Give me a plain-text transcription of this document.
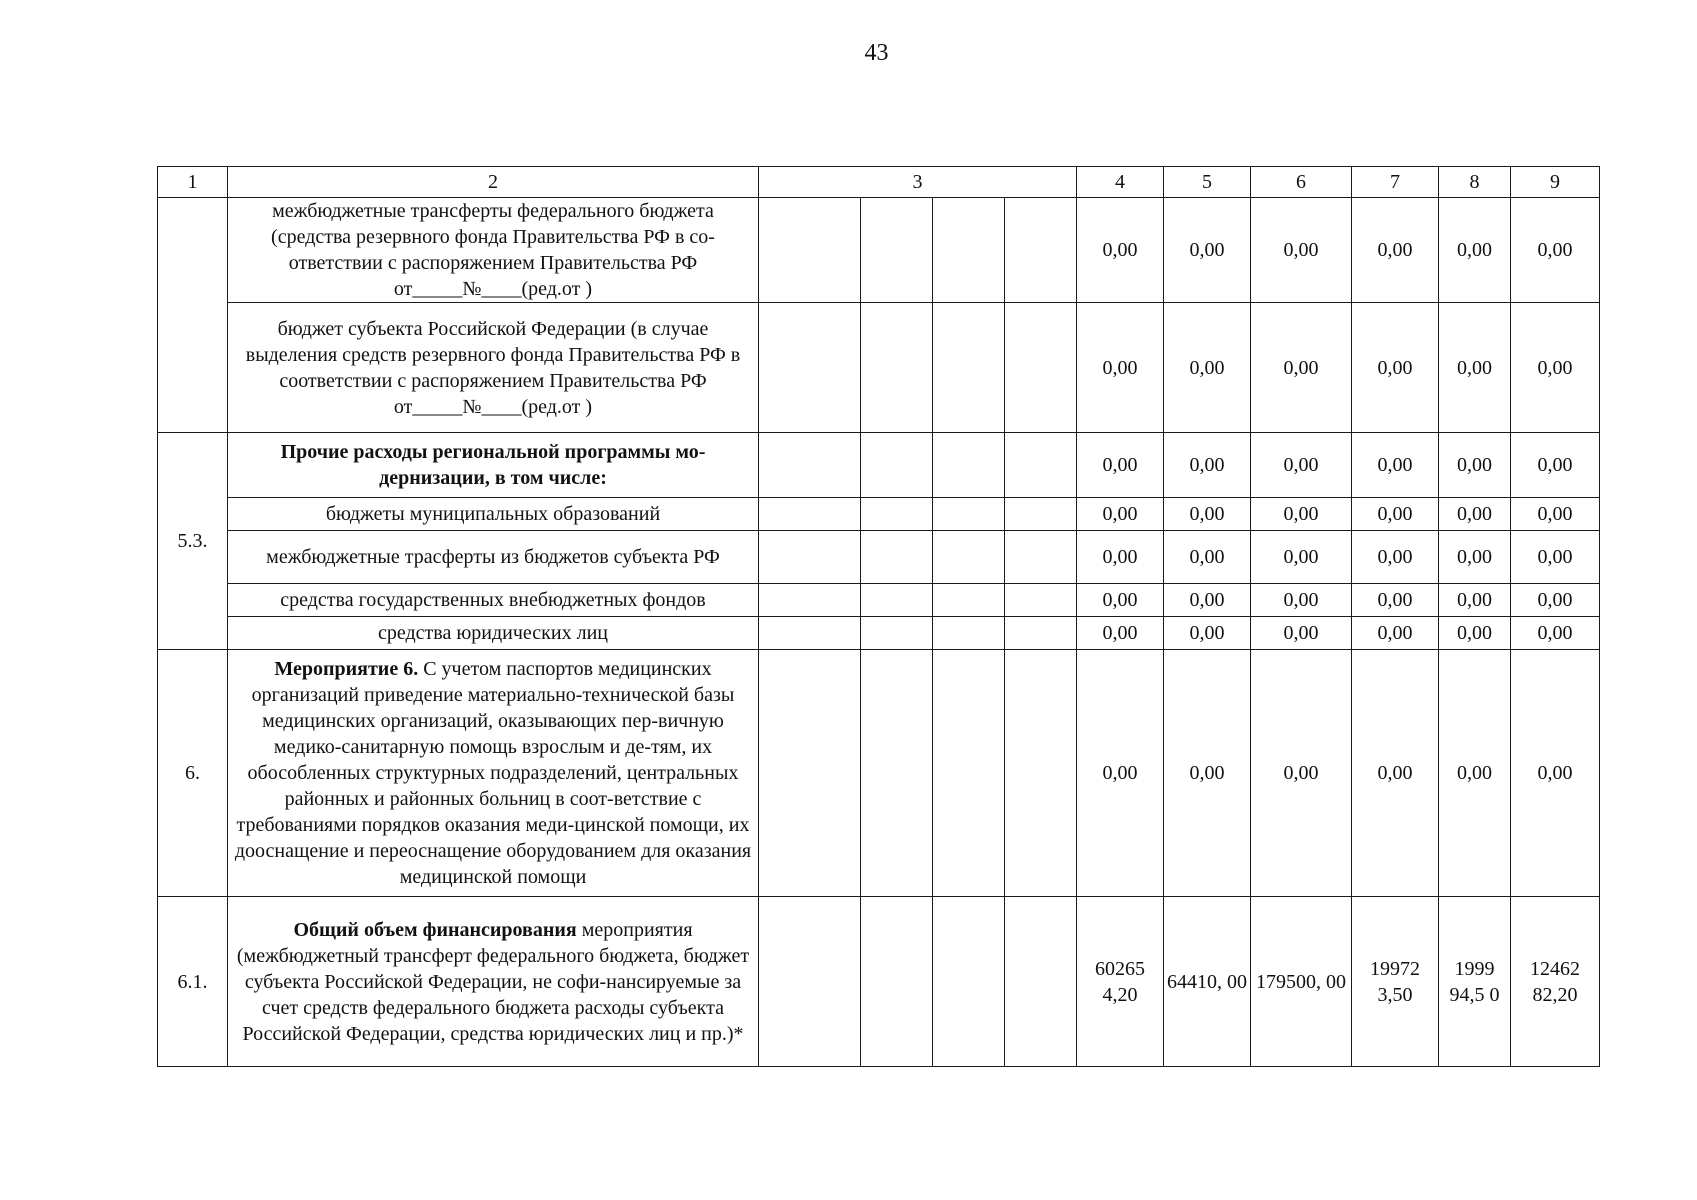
43
1	2	3				4	5	6	7	8	9
	межбюджетные трансферты федерального бюджета (средства резервного фонда Правительства РФ в со-ответствии с распоряжением Правительства РФ от_____№____(ред.от )					0,00	0,00	0,00	0,00	0,00	0,00
	бюджет субъекта Российской Федерации (в случае выделения средств резервного фонда Правительства РФ в соответствии с распоряжением Правительства РФ от_____№____(ред.от )					0,00	0,00	0,00	0,00	0,00	0,00
5.3.	Прочие расходы региональной программы мо-дернизации, в том числе:					0,00	0,00	0,00	0,00	0,00	0,00
	бюджеты муниципальных образований					0,00	0,00	0,00	0,00	0,00	0,00
	межбюджетные трасферты из бюджетов субъекта РФ					0,00	0,00	0,00	0,00	0,00	0,00
	средства государственных внебюджетных фондов					0,00	0,00	0,00	0,00	0,00	0,00
	средства юридических лиц					0,00	0,00	0,00	0,00	0,00	0,00
6.	Мероприятие 6. С учетом паспортов медицинских организаций приведение материально-технической базы медицинских организаций, оказывающих пер-вичную медико-санитарную помощь взрослым и де-тям, их обособленных структурных подразделений, центральных районных и районных больниц в соот-ветствие с требованиями порядков оказания меди-цинской помощи, их дооснащение и переоснащение оборудованием для оказания медицинской помощи					0,00	0,00	0,00	0,00	0,00	0,00
6.1.	Общий объем финансирования мероприятия (межбюджетный трансферт федерального бюджета, бюджет субъекта Российской Федерации, не софи-нансируемые за счет средств федерального бюджета расходы субъекта Российской Федерации, средства юридических лиц и пр.)*					60265 4,20	64410, 00	179500, 00	19972 3,50	1999 94,5 0	12462 82,20
